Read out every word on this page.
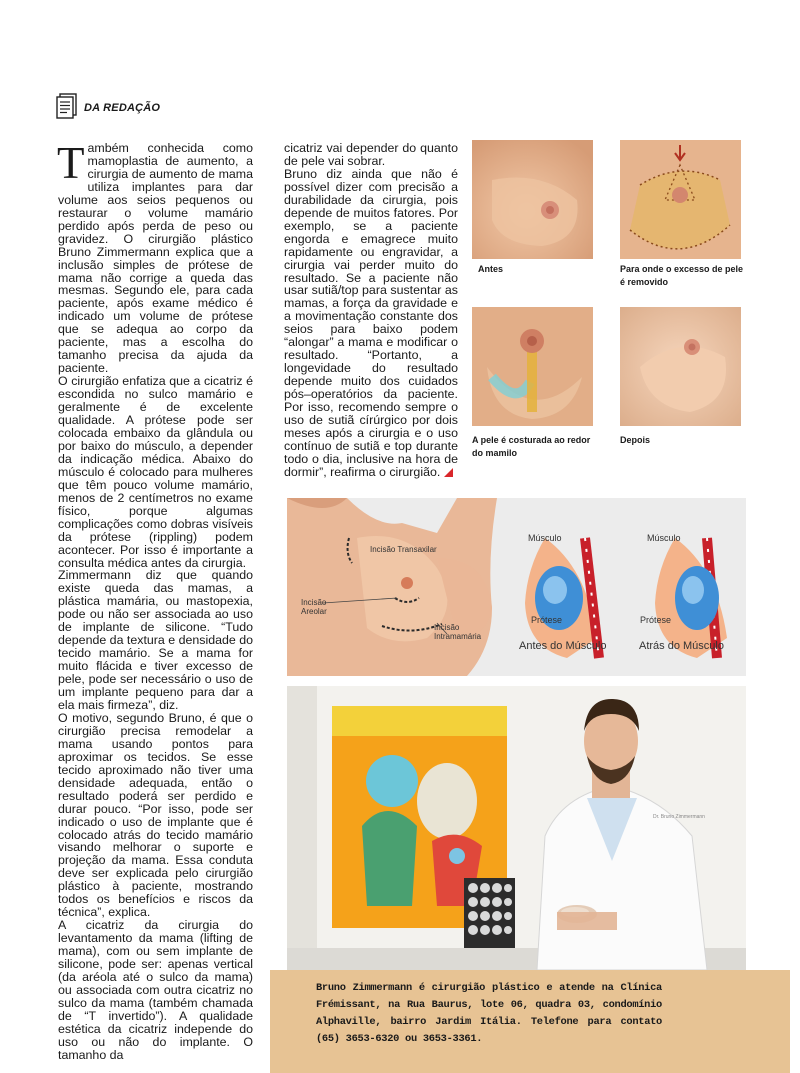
DA REDAÇÃO

Também conhecida como mamoplastia de aumento, a cirurgia de aumento de mama utiliza implantes para dar volume aos seios pequenos ou restaurar o volume mamário perdido após perda de peso ou gravidez. O cirurgião plástico Bruno Zimmermann explica que a inclusão simples de prótese de mama não corrige a queda das mesmas. Segundo ele, para cada paciente, após exame médico é indicado um volume de prótese que se adequa ao corpo da paciente, mas a escolha do tamanho precisa da ajuda da paciente.

O cirurgião enfatiza que a cicatriz é escondida no sulco mamário e geralmente é de excelente qualidade. A prótese pode ser colocada embaixo da glândula ou por baixo do músculo, a depender da indicação médica. Abaixo do músculo é colocado para mulheres que têm pouco volume mamário, menos de 2 centímetros no exame físico, porque algumas complicações como dobras visíveis da prótese (rippling) podem acontecer. Por isso é importante a consulta médica antes da cirurgia.

Zimmermann diz que quando existe queda das mamas, a plástica mamária, ou mastopexia, pode ou não ser associada ao uso de implante de silicone. “Tudo depende da textura e densidade do tecido mamário. Se a mama for muito flácida e tiver excesso de pele, pode ser necessário o uso de um implante pequeno para dar a ela mais firmeza”, diz.

O motivo, segundo Bruno, é que o cirurgião precisa remodelar a mama usando pontos para aproximar os tecidos. Se esse tecido aproximado não tiver uma densidade adequada, então o resultado poderá ser perdido e durar pouco. “Por isso, pode ser indicado o uso de implante que é colocado atrás do tecido mamário visando melhorar o suporte e projeção da mama. Essa conduta deve ser explicada pelo cirurgião plástico à paciente, mostrando todos os benefícios e riscos da técnica”, explica.

A cicatriz da cirurgia do levantamento da mama (lifting de mama), com ou sem implante de silicone, pode ser: apenas vertical (da aréola até o sulco da mama) ou associada com outra cicatriz no sulco da mama (também chamada de “T invertido”). A qualidade estética da cicatriz independe do uso ou não do implante. O tamanho da

cicatriz vai depender do quanto de pele vai sobrar.

Bruno diz ainda que não é possível dizer com precisão a durabilidade da cirurgia, pois depende de muitos fatores. Por exemplo, se a paciente engorda e emagrece muito rapidamente ou engravidar, a cirurgia vai perder muito do resultado. Se a paciente não usar sutiã/top para sustentar as mamas, a força da gravidade e a movimentação constante dos seios para baixo podem “alongar” a mama e modificar o resultado. “Portanto, a longevidade do resultado depende muito dos cuidados pós–operatórios da paciente. Por isso, recomendo sempre o uso de sutiã círúrgico por dois meses após a cirurgia e o uso contínuo de sutiã e top durante todo o dia, inclusive na hora de dormir”, reafirma o cirurgião.

Antes	Para onde o excesso de pele é removido
A pele é costurada ao redor do mamilo
Depois
Incisão Transaxilar
Incisão Areolar
Incisão Intramamária
Músculo
Prótese
Antes do Músculo
Músculo
Prótese
Atrás do Músculo
Dr. Bruno Zimmermann
Bruno Zimmermann é cirurgião plástico e atende na Clínica Frémissant, na Rua Baurus, lote 06, quadra 03, condomínio Alphaville, bairro Jardim Itália. Telefone para contato (65) 3653-6320 ou 3653-3361.
